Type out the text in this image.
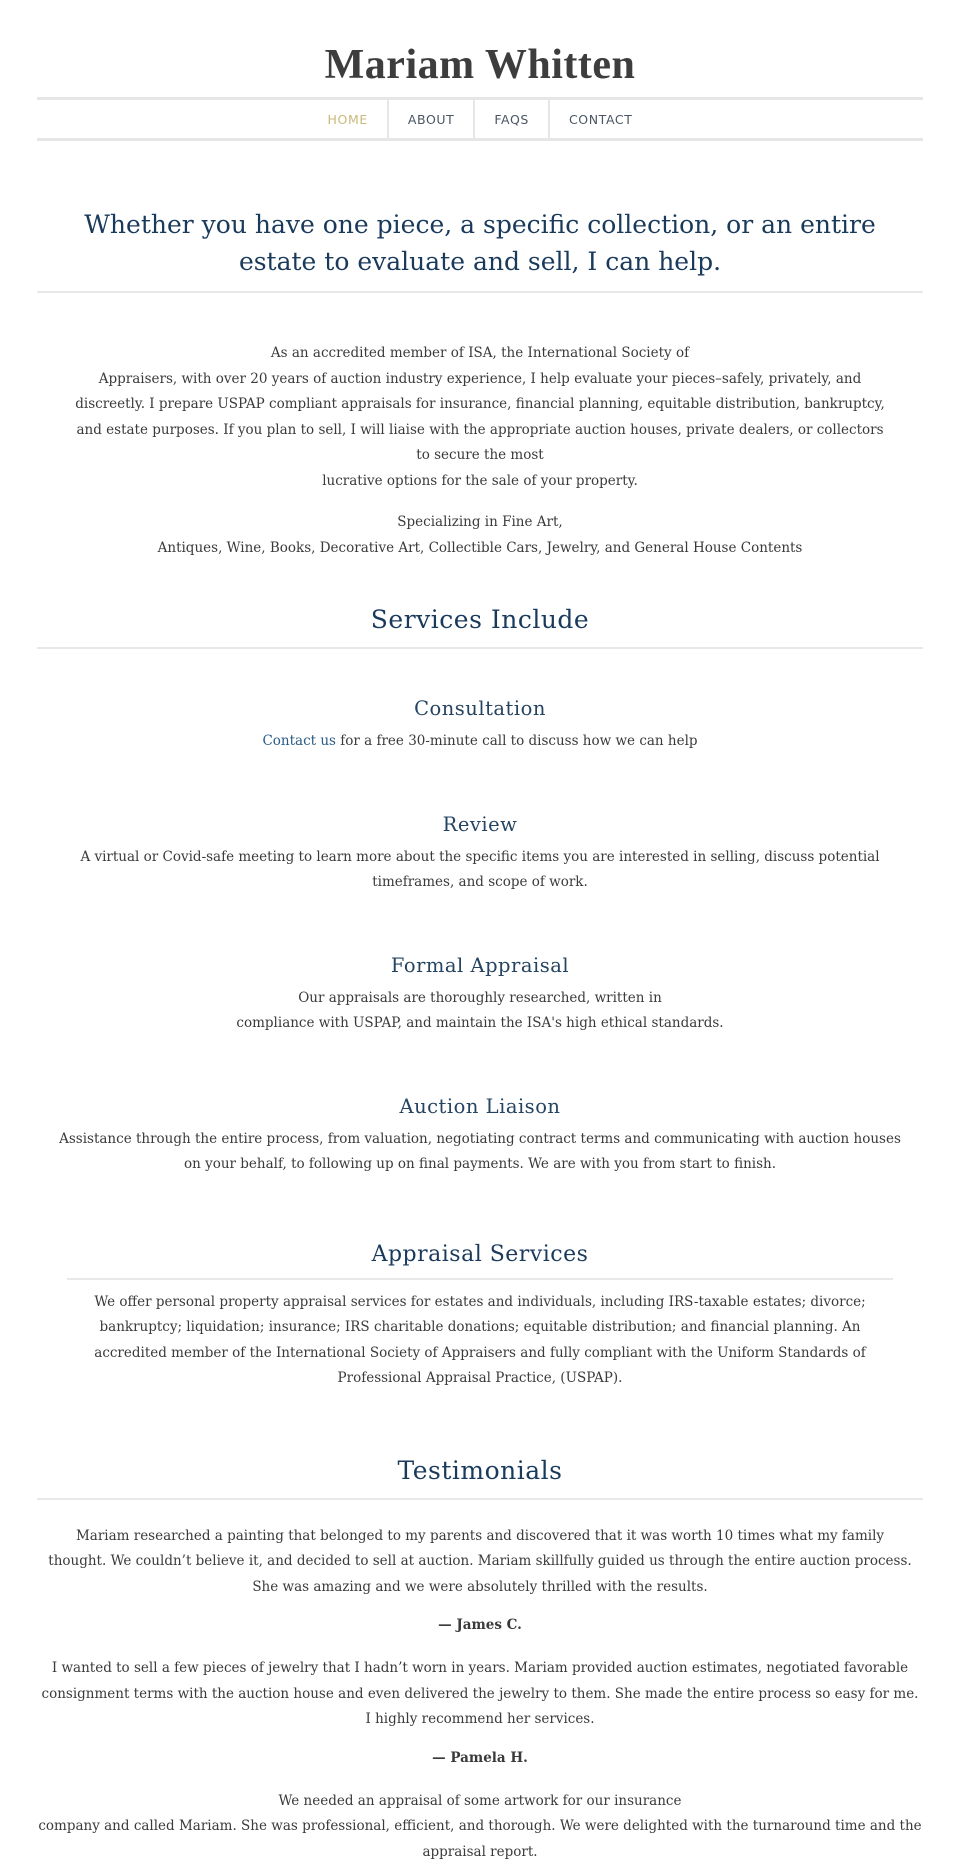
Mariam Whitten
HOME	ABOUT	FAQS	CONTACT
Whether you have one piece, a specific collection, or an entire estate to evaluate and sell, I can help.

As an accredited member of ISA, the International Society of
Appraisers, with over 20 years of auction industry experience, I help evaluate your pieces–safely, privately, and discreetly. I prepare USPAP compliant appraisals for insurance, financial planning, equitable distribution, bankruptcy, and estate purposes. If you plan to sell, I will liaise with the appropriate auction houses, private dealers, or collectors to secure the most
lucrative options for the sale of your property.

Specializing in Fine Art,
Antiques, Wine, Books, Decorative Art, Collectible Cars, Jewelry, and General House Contents

Services Include
Consultation

Contact us for a free 30-minute call to discuss how we can help

Review

A virtual or Covid-safe meeting to learn more about the specific items you are interested in selling, discuss potential timeframes, and scope of work.

Formal Appraisal

Our appraisals are thoroughly researched, written in
compliance with USPAP, and maintain the ISA's high ethical standards.

Auction Liaison

Assistance through the entire process, from valuation, negotiating contract terms and communicating with auction houses on your behalf, to following up on final payments. We are with you from start to finish.

Appraisal Services

We offer personal property appraisal services for estates and individuals, including IRS-taxable estates; divorce; bankruptcy; liquidation; insurance; IRS charitable donations; equitable distribution; and financial planning. An accredited member of the International Society of Appraisers and fully compliant with the Uniform Standards of Professional Appraisal Practice, (USPAP).

Testimonials

Mariam researched a painting that belonged to my parents and discovered that it was worth 10 times what my family thought. We couldn’t believe it, and decided to sell at auction. Mariam skillfully guided us through the entire auction process. She was amazing and we were absolutely thrilled with the results.

— James C.

I wanted to sell a few pieces of jewelry that I hadn’t worn in years. Mariam provided auction estimates, negotiated favorable consignment terms with the auction house and even delivered the jewelry to them. She made the entire process so easy for me. I highly recommend her services.

— Pamela H.

We needed an appraisal of some artwork for our insurance
company and called Mariam. She was professional, efficient, and thorough. We were delighted with the turnaround time and the appraisal report.
